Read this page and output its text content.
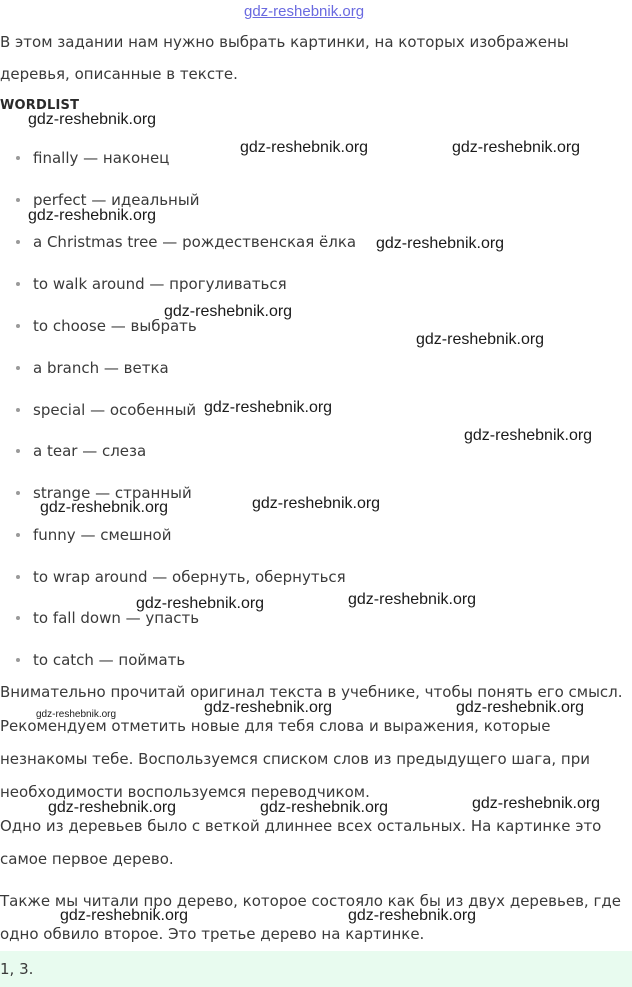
gdz-reshebnik.org

В этом задании нам нужно выбрать картинки, на которых изображены

деревья, описанные в тексте.

WORDLIST
finally — наконец
perfect — идеальный
a Christmas tree — рождественская ёлка
to walk around — прогуливаться
to choose — выбрать
a branch — ветка
special — особенный
a tear — слеза
strange — странный
funny — смешной
to wrap around — обернуть, обернуться
to fall down — упасть
to catch — поймать

Внимательно прочитай оригинал текста в учебнике, чтобы понять его смысл.

Рекомендуем отметить новые для тебя слова и выражения, которые

незнакомы тебе. Воспользуемся списком слов из предыдущего шага, при

необходимости воспользуемся переводчиком.

Одно из деревьев было с веткой длиннее всех остальных. На картинке это

самое первое дерево.

Также мы читали про дерево, которое состояло как бы из двух деревьев, где

одно обвило второе. Это третье дерево на картинке.

1, 3.
gdz-reshebnik.org
gdz-reshebnik.org	gdz-reshebnik.org
gdz-reshebnik.org
gdz-reshebnik.org
gdz-reshebnik.org
gdz-reshebnik.org
gdz-reshebnik.org
gdz-reshebnik.org
gdz-reshebnik.org
gdz-reshebnik.org
gdz-reshebnik.org
gdz-reshebnik.org
gdz-reshebnik.org	gdz-reshebnik.org	gdz-reshebnik.org
gdz-reshebnik.org
gdz-reshebnik.org	gdz-reshebnik.org
gdz-reshebnik.org	gdz-reshebnik.org
